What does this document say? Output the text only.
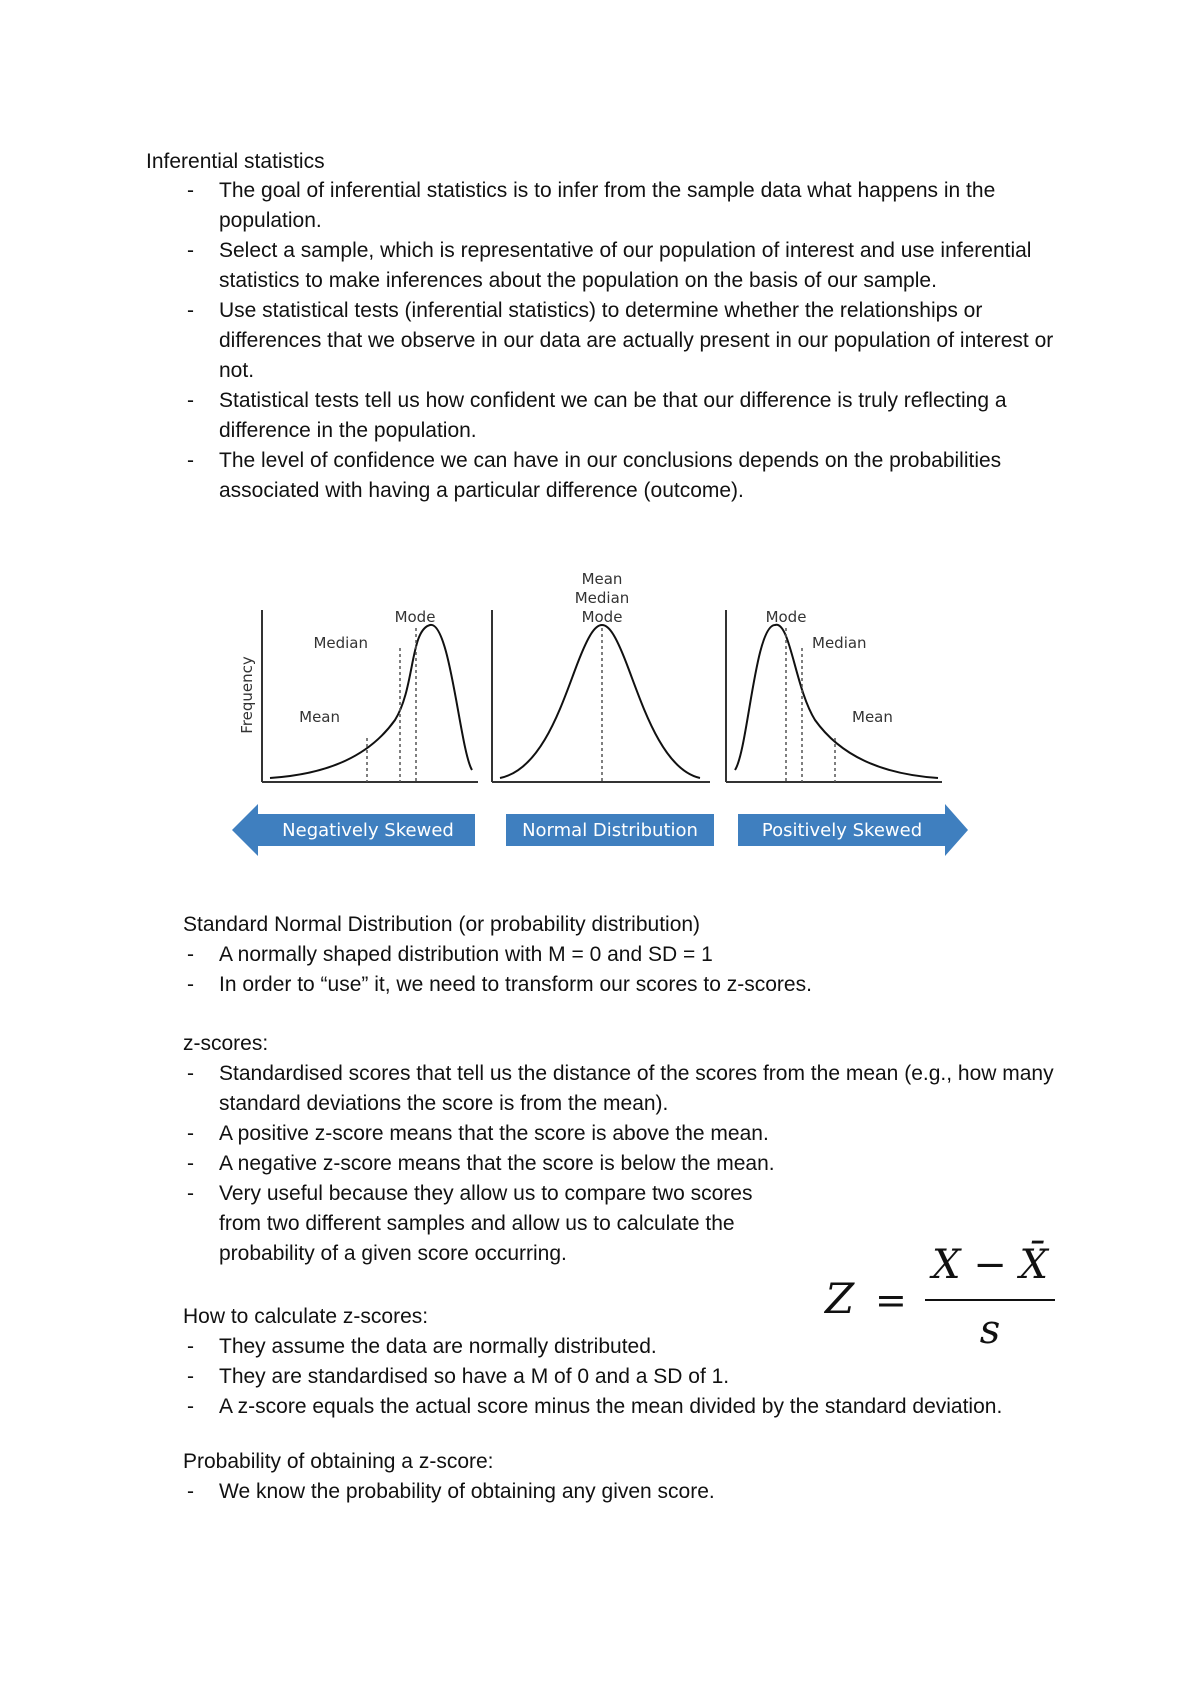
Inferential statistics
- The goal of inferential statistics is to infer from the sample data what happens in the population.
- Select a sample, which is representative of our population of interest and use inferential statistics to make inferences about the population on the basis of our sample.
- Use statistical tests (inferential statistics) to determine whether the relationships or differences that we observe in our data are actually present in our population of interest or not.
- Statistical tests tell us how confident we can be that our difference is truly reflecting a difference in the population.
- The level of confidence we can have in our conclusions depends on the probabilities associated with having a particular difference (outcome).
Frequency
Mode
Median
Mean
Mean
Median
Mode	Mode
Median
Mean
Negatively Skewed	Normal Distribution	Positively Skewed
Standard Normal Distribution (or probability distribution)
- A normally shaped distribution with M = 0 and SD = 1
- In order to “use” it, we need to transform our scores to z-scores.
z-scores:
- Standardised scores that tell us the distance of the scores from the mean (e.g., how many standard deviations the score is from the mean).
- A positive z-score means that the score is above the mean.
- A negative z-score means that the score is below the mean.
- Very useful because they allow us to compare two scores from two different samples and allow us to calculate the probability of a given score occurring.
Z =
X − X̄
s
How to calculate z-scores:
- They assume the data are normally distributed.
- They are standardised so have a M of 0 and a SD of 1.
- A z-score equals the actual score minus the mean divided by the standard deviation.
Probability of obtaining a z-score:
- We know the probability of obtaining any given score.
